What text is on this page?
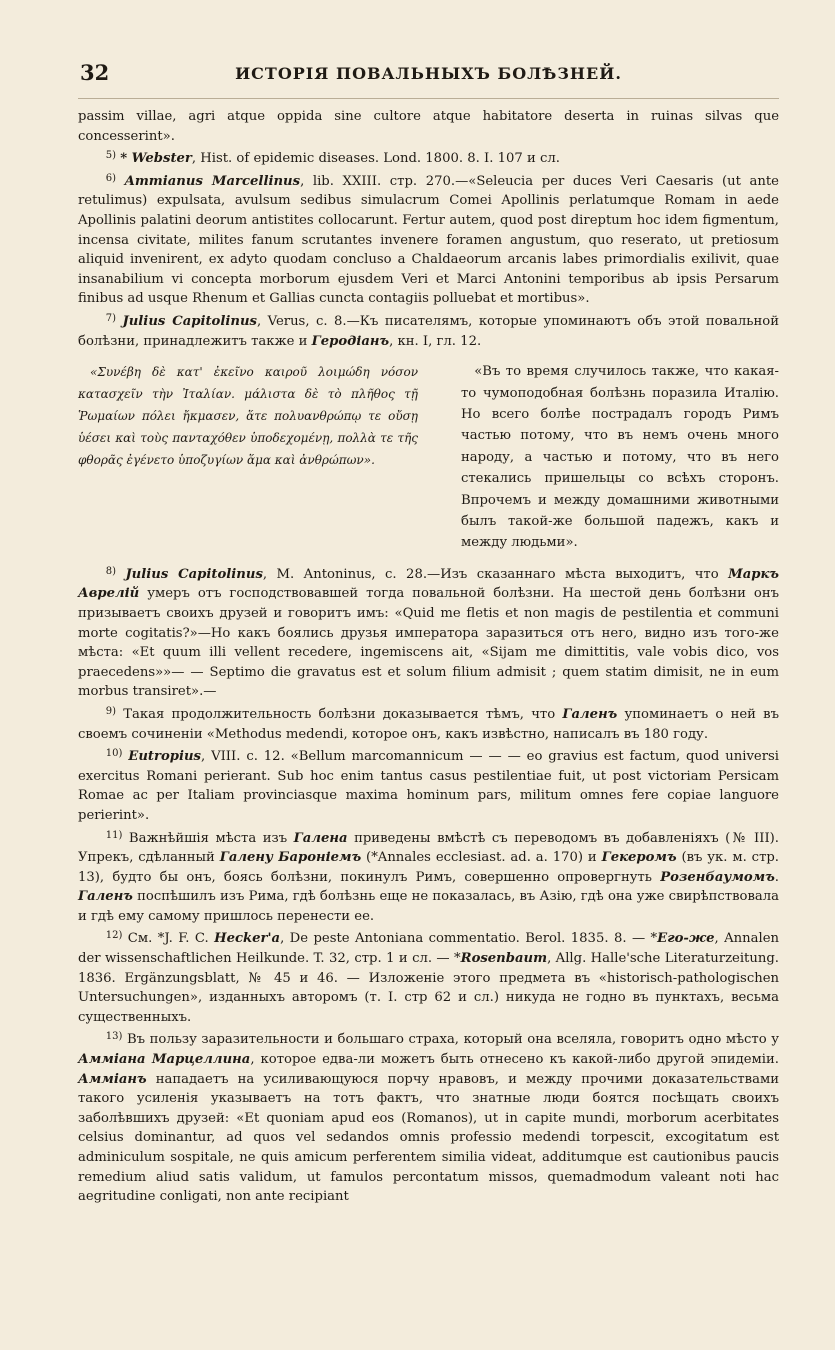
32	ИСТОРІЯ ПОВАЛЬНЫХЪ БОЛѢЗНЕЙ.

passim villae, agri atque oppida sine cultore atque habitatore deserta in ruinas silvas que concesserint».

$^{5)}$ * Webster, Hist. of epidemic diseases. Lond. 1800. 8. I. 107 и сл.

$^{6)}$ Ammianus Marcellinus, lib. XXIII. стр. 270.—«Seleucia per duces Veri Caesaris (ut ante retulimus) expulsata, avulsum sedibus simulacrum Comei Apollinis perlatumque Romam in aede Apollinis palatini deorum antistites collocarunt. Fertur autem, quod post direptum hoc idem figmentum, incensa civitate, milites fanum scrutantes invenere foramen angustum, quo reserato, ut pretiosum aliquid invenirent, ex adyto quodam concluso a Chaldaeorum arcanis labes primordialis exilivit, quae insanabilium vi concepta morborum ejusdem Veri et Marci Antonini temporibus ab ipsis Persarum finibus ad usque Rhenum et Gallias cuncta contagiis polluebat et mortibus».

$^{7)}$ Julius Capitolinus, Verus, c. 8.—Къ писателямъ, которые упоминаютъ объ этой повальной болѣзни, принадлежитъ также и Геродіанъ, кн. I, гл. 12.

«Συνέβη δὲ κατ' ἐκεῖνο καιροῦ λοιμώδη νόσον κατασχεῖν τὴν Ἰταλίαν. μάλιστα δὲ τὸ πλῆθος τῇ Ῥωμαίων πόλει ἤκμασεν, ἅτε πολυανθρώπῳ τε οὔσῃ ὑέσει καὶ τοὺς πανταχόθεν ὑποδεχομένῃ, πολλὰ τε τῆς φθορᾶς ἐγένετο ὑποζυγίων ἅμα καὶ ἀνθρώπων».
«Въ то время случилось также, что какая-то чумоподобная болѣзнь поразила Италію. Но всего болѣе пострадалъ городъ Римъ частью потому, что въ немъ очень много народу, а частью и потому, что въ него стекались пришельцы со всѣхъ сторонъ. Впрочемъ и между домашними животными былъ такой-же большой падежъ, какъ и между людьми».

$^{8)}$ Julius Capitolinus, M. Antoninus, c. 28.—Изъ сказаннаго мѣста выходитъ, что Маркъ Аврелій умеръ отъ господствовавшей тогда повальной болѣзни. На шестой день болѣзни онъ призываетъ своихъ друзей и говоритъ имъ: «Quid me fletis et non magis de pestilentia et communi morte cogitatis?»—Но какъ боялись друзья императора заразиться отъ него, видно изъ того-же мѣста: «Et quum illi vellent recedere, ingemiscens ait, «Sijam me dimittitis, vale vobis dico, vos praecedens»»— — Septimo die gravatus est et solum filium admisit ; quem statim dimisit, ne in eum morbus transiret».—

$^{9)}$ Такая продолжительность болѣзни доказывается тѣмъ, что Галенъ упоминаетъ о ней въ своемъ сочиненіи «Methodus medendi, которое онъ, какъ извѣстно, написалъ въ 180 году.

$^{10)}$ Eutropius, VIII. c. 12. «Bellum marcomannicum — — — eo gravius est factum, quod universi exercitus Romani perierant. Sub hoc enim tantus casus pestilentiae fuit, ut post victoriam Persicam Romae ac per Italiam provinciasque maxima hominum pars, militum omnes fere copiae languore perierint».

$^{11)}$ Важнѣйшія мѣста изъ Галена приведены вмѣстѣ съ переводомъ въ добавленіяхъ (№ III). Упрекъ, сдѣланный Галену Бароніемъ (*Annales ecclesiast. ad. a. 170) и Гекеромъ (въ ук. м. стр. 13), будто бы онъ, боясь болѣзни, покинулъ Римъ, совершенно опровергнуть Розенбаумомъ. Галенъ поспѣшилъ изъ Рима, гдѣ болѣзнь еще не показалась, въ Азію, гдѣ она уже свирѣпствовала и гдѣ ему самому пришлось перенести ее.

$^{12)}$ См. *J. F. C. Hecker'a, De peste Antoniana commentatio. Berol. 1835. 8. — *Его-же, Annalen der wissenschaftlichen Heilkunde. T. 32, стр. 1 и сл. — *Rosenbaum, Allg. Halle'sche Literaturzeitung. 1836. Ergänzungsblatt, № 45 и 46. — Изложеніе этого предмета въ «historisch-pathologischen Untersuchungen», изданныхъ авторомъ (т. I. стр 62 и сл.) никуда не годно въ пунктахъ, весьма существенныхъ.

$^{13)}$ Въ пользу заразительности и большаго страха, который она вселяла, говоритъ одно мѣсто у Аммiана Марцеллина, которое едва-ли можетъ быть отнесено къ какой-либо другой эпидеміи. Аммiанъ нападаетъ на усиливающуюся порчу нравовъ, и между прочими доказательствами такого усиленія указываетъ на тотъ фактъ, что знатные люди боятся посѣщать своихъ заболѣвшихъ друзей: «Et quoniam apud eos (Romanos), ut in capite mundi, morborum acerbitates celsius dominantur, ad quos vel sedandos omnis professio medendi torpescit, excogitatum est adminiculum sospitale, ne quis amicum perferentem similia videat, additumque est cautionibus paucis remedium aliud satis validum, ut famulos percontatum missos, quemadmodum valeant noti hac aegritudine conligati, non ante recipiant
